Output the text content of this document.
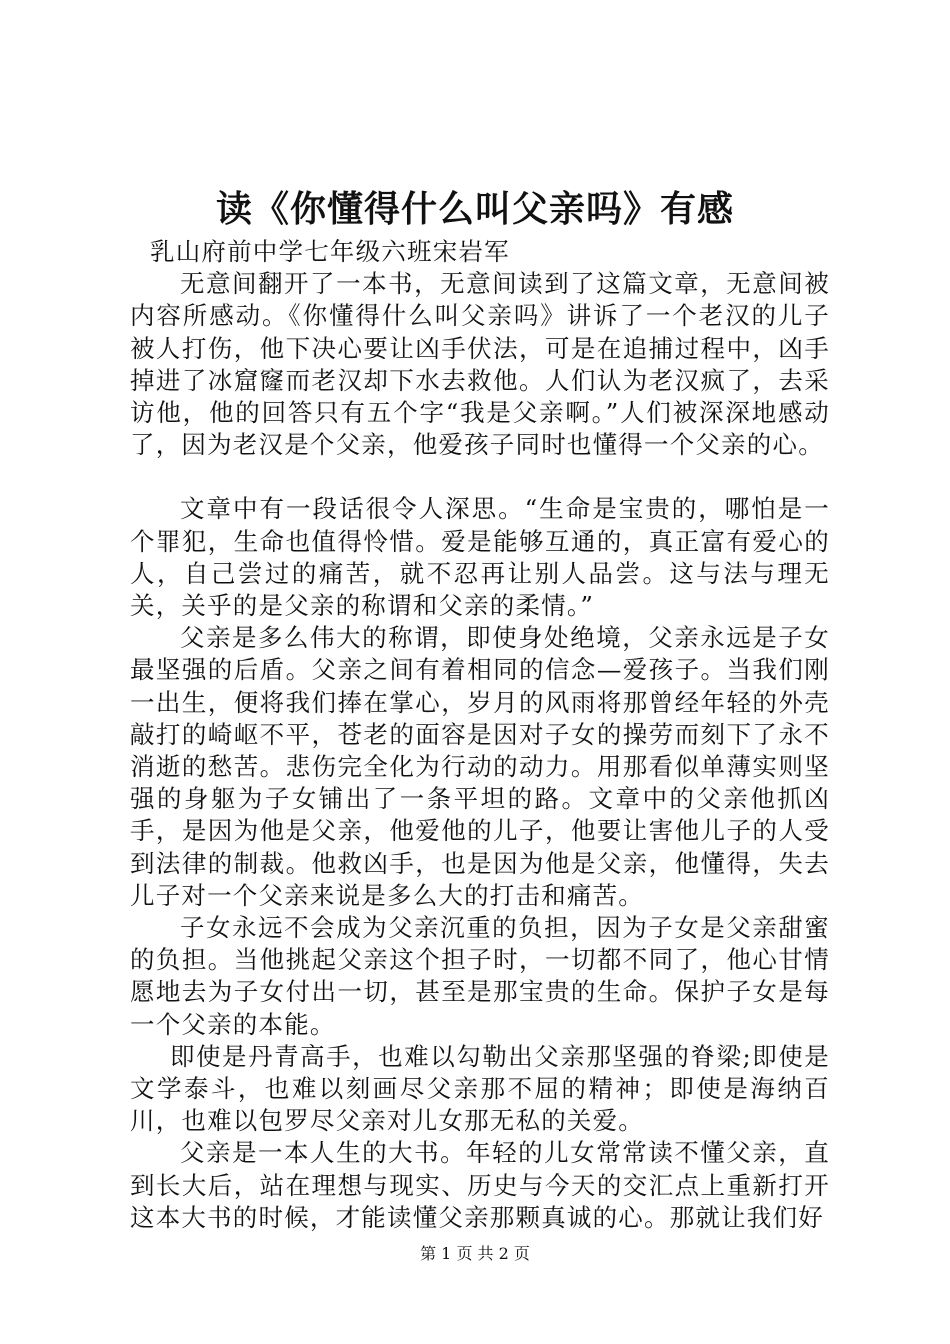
读《你懂得什么叫父亲吗》有感

乳山府前中学七年级六班宋岩军

无意间翻开了一本书，无意间读到了这篇文章，无意间被内容所感动。《你懂得什么叫父亲吗》讲诉了一个老汉的儿子被人打伤，他下决心要让凶手伏法，可是在追捕过程中，凶手掉进了冰窟窿而老汉却下水去救他。人们认为老汉疯了，去采访他，他的回答只有五个字“我是父亲啊。”人们被深深地感动了，因为老汉是个父亲，他爱孩子同时也懂得一个父亲的心。

文章中有一段话很令人深思。“生命是宝贵的，哪怕是一个罪犯，生命也值得怜惜。爱是能够互通的，真正富有爱心的人，自己尝过的痛苦，就不忍再让别人品尝。这与法与理无关，关乎的是父亲的称谓和父亲的柔情。”

父亲是多么伟大的称谓，即使身处绝境，父亲永远是子女最坚强的后盾。父亲之间有着相同的信念—爱孩子。当我们刚一出生，便将我们捧在掌心，岁月的风雨将那曾经年轻的外壳敲打的崎岖不平，苍老的面容是因对子女的操劳而刻下了永不消逝的愁苦。悲伤完全化为行动的动力。用那看似单薄实则坚强的身躯为子女铺出了一条平坦的路。文章中的父亲他抓凶手，是因为他是父亲，他爱他的儿子，他要让害他儿子的人受到法律的制裁。他救凶手，也是因为他是父亲，他懂得，失去儿子对一个父亲来说是多么大的打击和痛苦。

子女永远不会成为父亲沉重的负担，因为子女是父亲甜蜜的负担。当他挑起父亲这个担子时，一切都不同了，他心甘情愿地去为子女付出一切，甚至是那宝贵的生命。保护子女是每一个父亲的本能。

即使是丹青高手，也难以勾勒出父亲那坚强的脊梁;即使是文学泰斗，也难以刻画尽父亲那不屈的精神；即使是海纳百川，也难以包罗尽父亲对儿女那无私的关爱。

父亲是一本人生的大书。年轻的儿女常常读不懂父亲，直到长大后，站在理想与现实、历史与今天的交汇点上重新打开这本大书的时候，才能读懂父亲那颗真诚的心。那就让我们好

第 1 页 共 2 页
